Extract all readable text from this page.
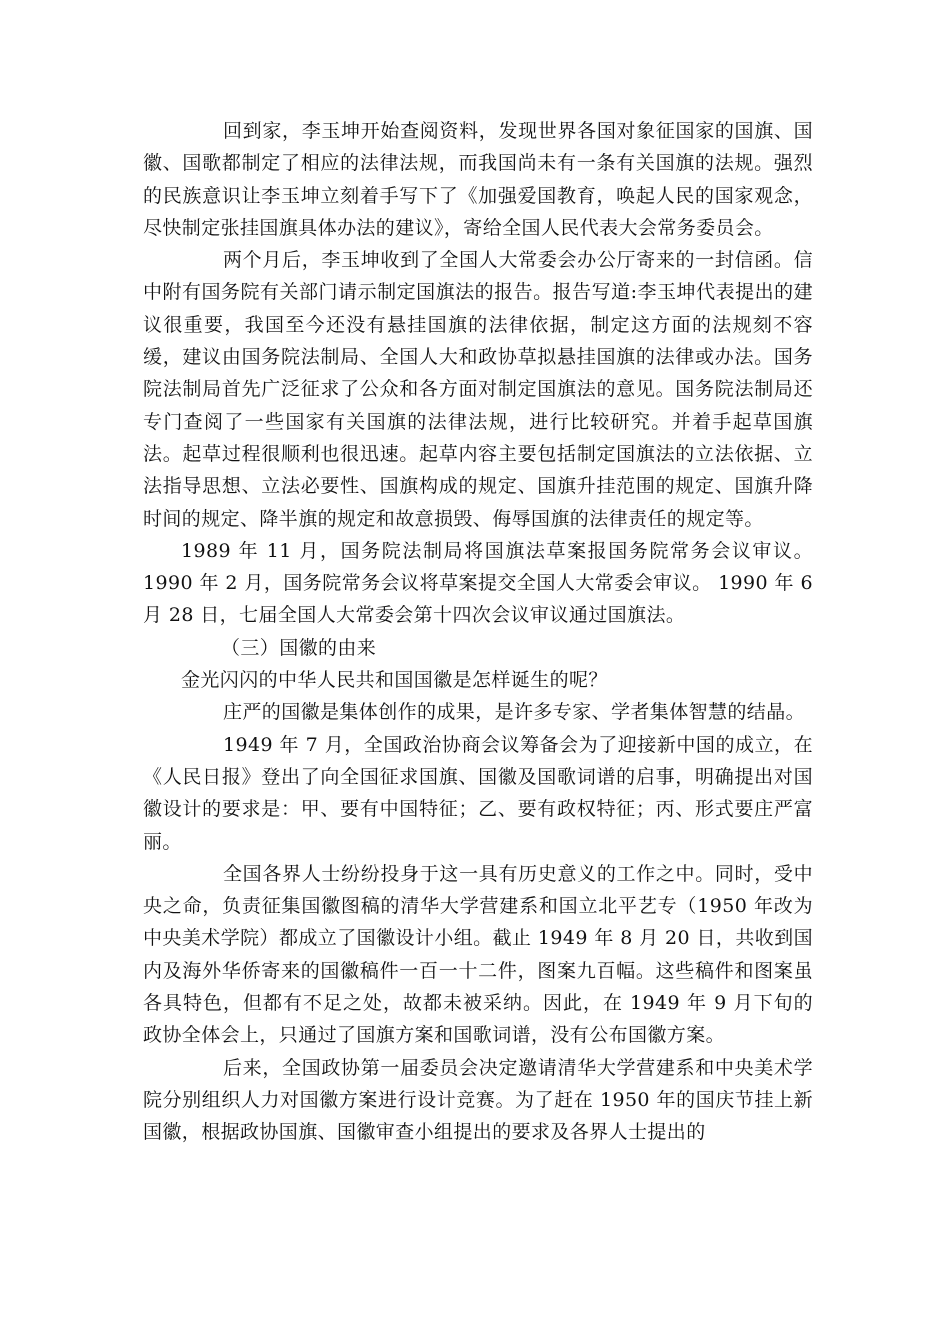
回到家，李玉坤开始查阅资料，发现世界各国对象征国家的国旗、国徽、国歌都制定了相应的法律法规，而我国尚未有一条有关国旗的法规。强烈的民族意识让李玉坤立刻着手写下了《加强爱国教育，唤起人民的国家观念，尽快制定张挂国旗具体办法的建议》，寄给全国人民代表大会常务委员会。

两个月后，李玉坤收到了全国人大常委会办公厅寄来的一封信函。信中附有国务院有关部门请示制定国旗法的报告。报告写道:李玉坤代表提出的建议很重要，我国至今还没有悬挂国旗的法律依据，制定这方面的法规刻不容缓，建议由国务院法制局、全国人大和政协草拟悬挂国旗的法律或办法。国务院法制局首先广泛征求了公众和各方面对制定国旗法的意见。国务院法制局还专门查阅了一些国家有关国旗的法律法规，进行比较研究。并着手起草国旗法。起草过程很顺利也很迅速。起草内容主要包括制定国旗法的立法依据、立法指导思想、立法必要性、国旗构成的规定、国旗升挂范围的规定、国旗升降时间的规定、降半旗的规定和故意损毁、侮辱国旗的法律责任的规定等。

1989 年 11 月，国务院法制局将国旗法草案报国务院常务会议审议。 1990 年 2 月，国务院常务会议将草案提交全国人大常委会审议。 1990 年 6 月 28 日，七届全国人大常委会第十四次会议审议通过国旗法。

（三）国徽的由来

金光闪闪的中华人民共和国国徽是怎样诞生的呢？

庄严的国徽是集体创作的成果，是许多专家、学者集体智慧的结晶。

1949 年 7 月，全国政治协商会议筹备会为了迎接新中国的成立，在《人民日报》登出了向全国征求国旗、国徽及国歌词谱的启事，明确提出对国徽设计的要求是：甲、要有中国特征；乙、要有政权特征；丙、形式要庄严富丽。

全国各界人士纷纷投身于这一具有历史意义的工作之中。同时，受中央之命，负责征集国徽图稿的清华大学营建系和国立北平艺专（1950 年改为中央美术学院）都成立了国徽设计小组。截止 1949 年 8 月 20 日，共收到国内及海外华侨寄来的国徽稿件一百一十二件，图案九百幅。这些稿件和图案虽各具特色，但都有不足之处，故都未被采纳。因此，在 1949 年 9 月下旬的政协全体会上，只通过了国旗方案和国歌词谱，没有公布国徽方案。

后来，全国政协第一届委员会决定邀请清华大学营建系和中央美术学院分别组织人力对国徽方案进行设计竞赛。为了赶在 1950 年的国庆节挂上新国徽，根据政协国旗、国徽审查小组提出的要求及各界人士提出的
